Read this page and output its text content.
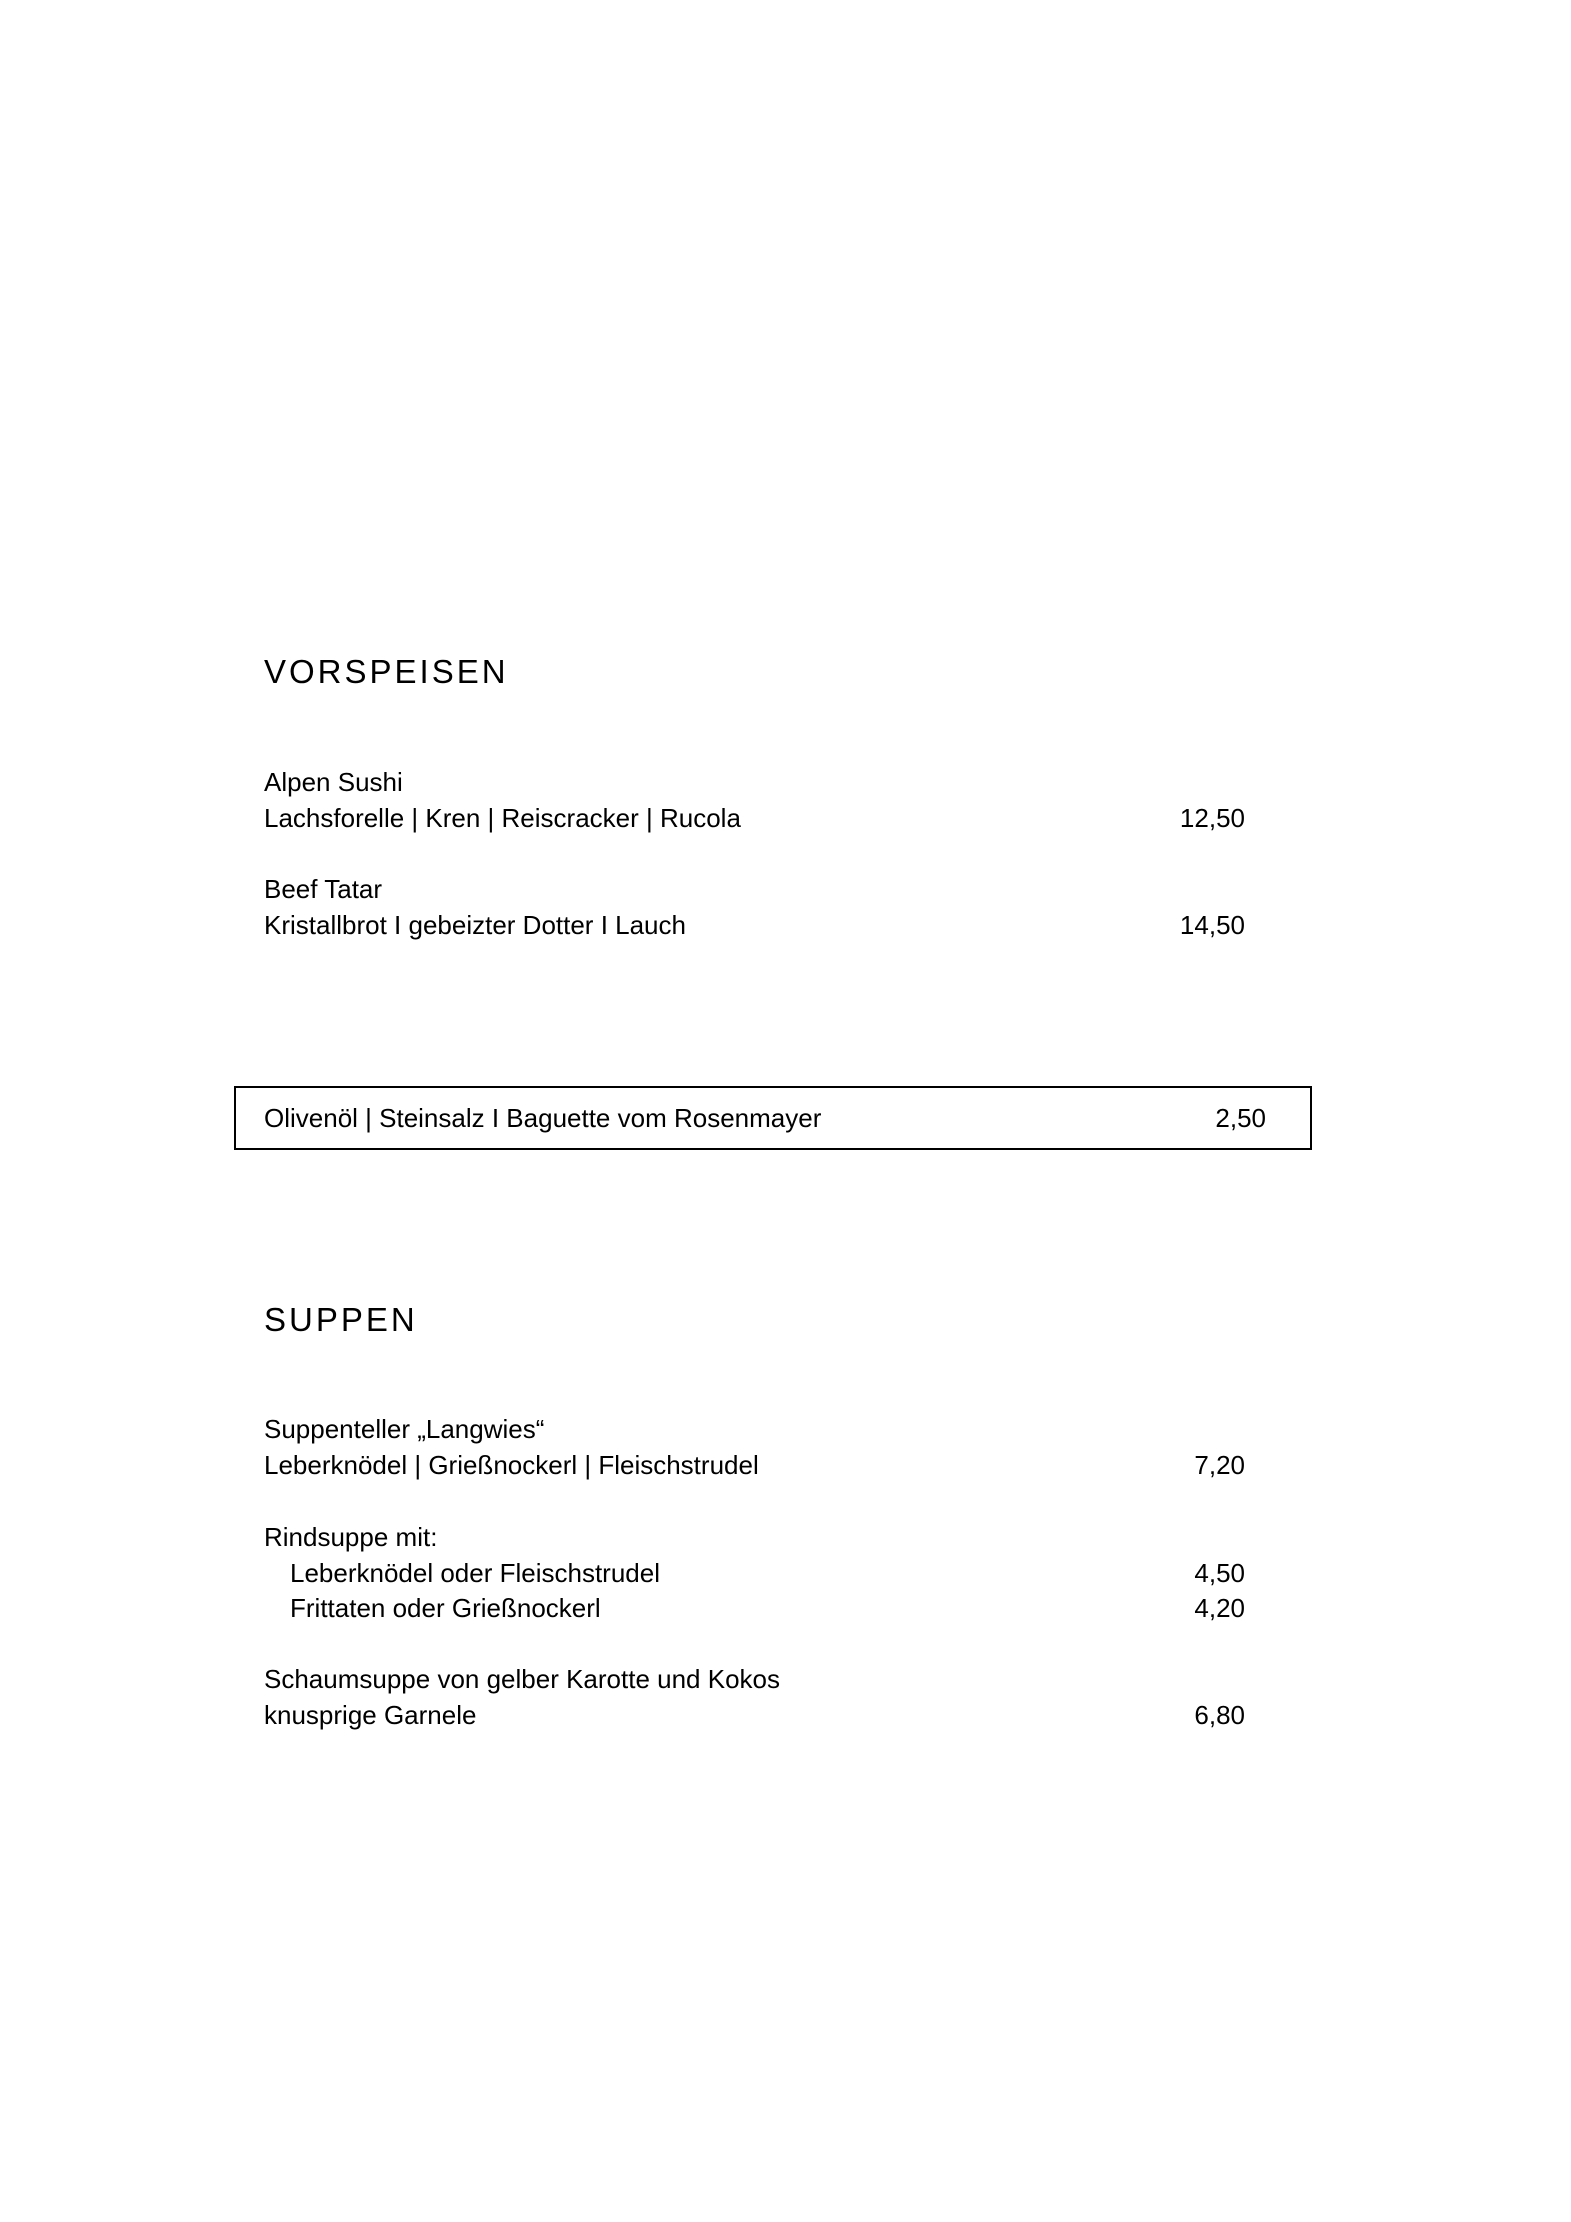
VORSPEISEN
Alpen Sushi
Lachsforelle | Kren | Reiscracker | Rucola	12,50
Beef Tatar
Kristallbrot I gebeizter Dotter I Lauch	14,50
Olivenöl | Steinsalz I Baguette vom Rosenmayer	2,50
SUPPEN
Suppenteller „Langwies“
Leberknödel | Grießnockerl | Fleischstrudel	7,20
Rindsuppe mit:
Leberknödel oder Fleischstrudel	4,50
Frittaten oder Grießnockerl	4,20
Schaumsuppe von gelber Karotte und Kokos
knusprige Garnele	6,80
